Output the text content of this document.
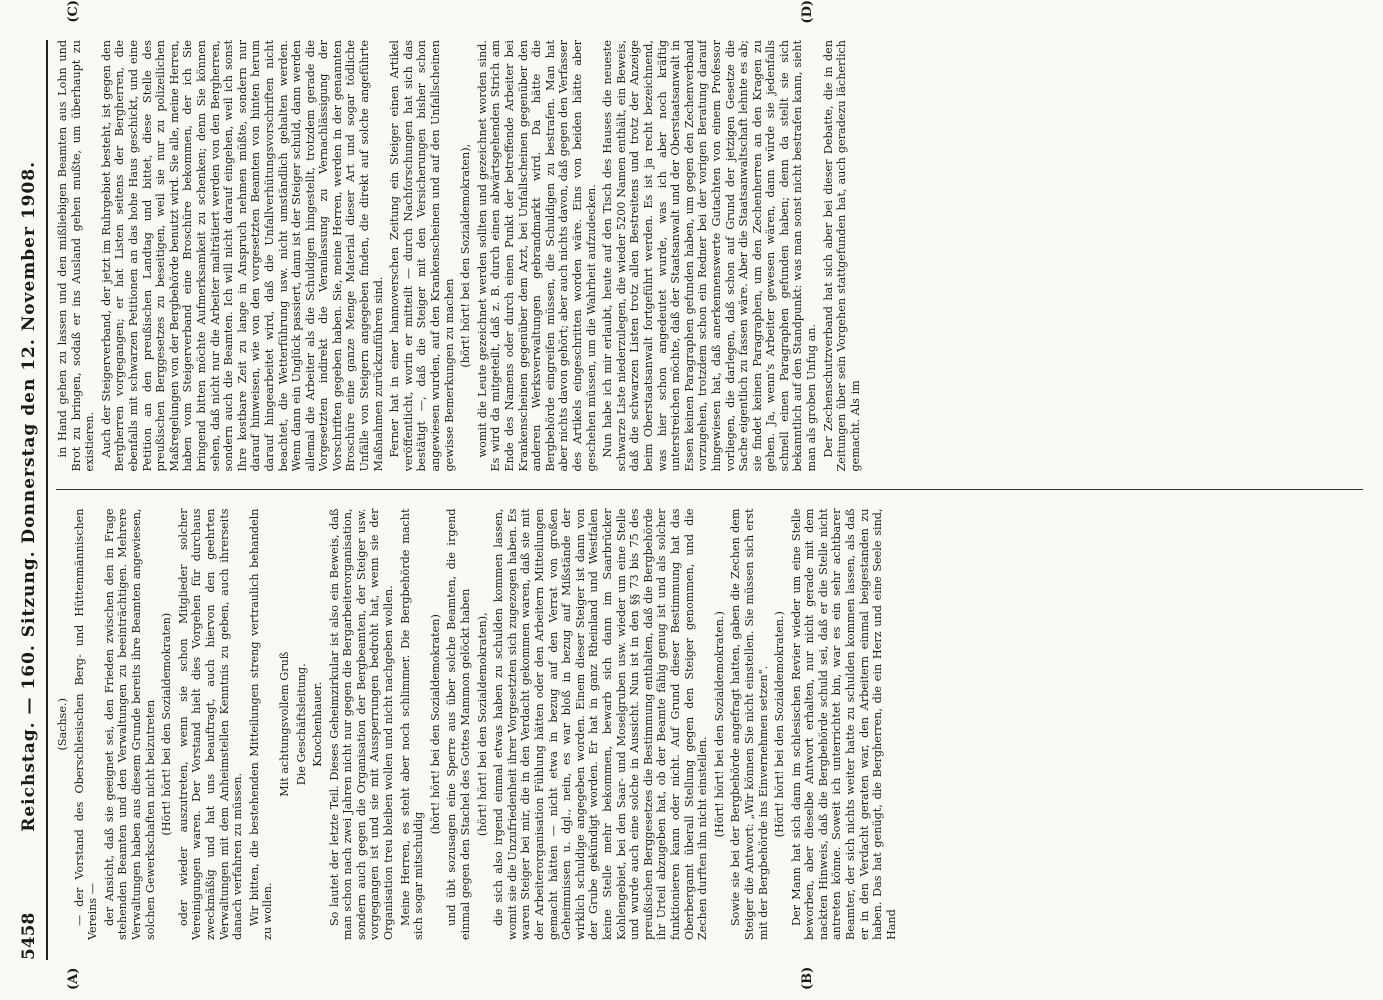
5458
Reichstag. — 160. Sitzung. Donnerstag den 12. November 1908.
(A)	(B)
(C)	(D)

(Sachse.) — der Vorstand des Oberschlesischen Berg- und Hüttenmännischen Vereins — der Ansicht, daß sie geeignet sei, den Frieden zwischen den in Frage stehenden Beamten und den Verwaltungen zu beeinträchtigen. Mehrere Verwaltungen haben aus diesem Grunde bereits ihre Beamten angewiesen, solchen Gewerkschaften nicht beizutreten (Hört! hört! bei den Sozialdemokraten) oder wieder auszutreten, wenn sie schon Mitglieder solcher Vereinigungen waren. Der Vorstand hielt dies Vorgehen für durchaus zweckmäßig und hat uns beauftragt, auch hiervon den geehrten Verwaltungen mit dem Anheimstellen Kenntnis zu geben, auch ihrerseits danach verfahren zu müssen. Wir bitten, die bestehenden Mitteilungen streng vertraulich behandeln zu wollen.

Mit achtungsvollem Gruß Die Geschäftsleitung. Knochenhauer. So lautet der letzte Teil. Dieses Geheimzirkular ist also ein Beweis, daß man schon nach zwei Jahren nicht nur gegen die Bergarbeiterorganisation, sondern auch gegen die Organisation der Bergbeamten, der Steiger usw. vorgegangen ist und sie mit Aussperrungen bedroht hat, wenn sie der Organisation treu bleiben wollen und nicht nachgeben wollen. Meine Herren, es steht aber noch schlimmer. Die Bergbehörde macht sich sogar mitschuldig

(hört! hört! bei den Sozialdemokraten) und übt sozusagen eine Sperre aus über solche Beamten, die irgend einmal gegen den Stachel des Gottes Mammon gelöckt haben (hört! hört! bei den Sozialdemokraten), die sich also irgend einmal etwas haben zu schulden kommen lassen, womit sie die Unzufriedenheit ihrer Vorgesetzten sich zugezogen haben. Es waren Steiger bei mir, die in den Verdacht gekommen waren, daß sie mit der Arbeiterorganisation Fühlung hätten oder den Arbeitern Mitteilungen gemacht hätten — nicht etwa in bezug auf den Verrat von großen Geheimnissen u. dgl., nein, es war bloß in bezug auf Mißstände der wirklich schuldige angegeben worden. Einem dieser Steiger ist dann von der Grube gekündigt worden. Er hat in ganz Rheinland und Westfalen keine Stelle mehr bekommen, bewarb sich dann im Saarbrücker Kohlengebiet, bei den Saar- und Moselgruben usw. wieder um eine Stelle und wurde auch eine solche in Aussicht. Nun ist in den §§ 73 bis 75 des preußischen Berggesetzes die Bestimmung enthalten, daß die Bergbehörde ihr Urteil abzugeben hat, ob der Beamte fähig genug ist und als solcher funktionieren kann oder nicht. Auf Grund dieser Bestimmung hat das Oberbergamt überall Stellung gegen den Steiger genommen, und die Zechen durften ihn nicht einstellen.

(Hört! hört! bei den Sozialdemokraten.) Sowie sie bei der Bergbehörde angefragt hatten, gaben die Zechen dem Steiger die Antwort: „Wir können Sie nicht einstellen. Sie müssen sich erst mit der Bergbehörde ins Einvernehmen setzen". (Hört! hört! bei den Sozialdemokraten.) Der Mann hat sich dann im schlesischen Revier wieder um eine Stelle beworben, aber dieselbe Antwort erhalten, nur nicht gerade mit dem nackten Hinweis, daß die Bergbehörde schuld sei, daß er die Stelle nicht antreten könne. Soweit ich unterrichtet bin, war es ein sehr achtbarer Beamter, der sich nichts weiter hatte zu schulden kommen lassen, als daß er in den Verdacht geraten war, den Arbeitern einmal beigestanden zu haben. Das hat genügt, die Bergherren, die ein Herz und eine Seele sind, Hand

in Hand gehen zu lassen und den mißliebigen Beamten aus Lohn und Brot zu bringen, sodaß er ins Ausland gehen mußte, um überhaupt zu existieren. Auch der Steigerverband, der jetzt im Ruhrgebiet besteht, ist gegen den Bergherren vorgegangen; er hat Listen seitens der Bergherren, die ebenfalls mit schwarzen Petitionen an das hohe Haus geschickt, und eine Petition an den preußischen Landtag und bittet, diese Stelle des preußischen Berggesetzes zu beseitigen, weil sie nur zu polizeilichen Maßregelungen von der Bergbehörde benutzt wird. Sie alle, meine Herren, haben vom Steigerverband eine Broschüre bekommen, der ich Sie bringend bitten möchte Aufmerksamkeit zu schenken; denn Sie können sehen, daß nicht nur die Arbeiter malträtiert werden von den Bergherren, sondern auch die Beamten. Ich will nicht darauf eingehen, weil ich sonst Ihre kostbare Zeit zu lange in Anspruch nehmen müßte, sondern nur darauf hinweisen, wie von den vorgesetzten Beamten von hinten herum darauf hingearbeitet wird, daß die Unfallverhütungsvorschriften nicht beachtet, die Wetterführung usw. nicht umständlich gehalten werden. Wenn dann ein Unglück passiert, dann ist der Steiger schuld, dann werden allemal die Arbeiter als die Schuldigen hingestellt, trotzdem gerade die Vorgesetzten indirekt die Veranlassung zu Vernachlässigung der Vorschriften gegeben haben. Sie, meine Herren, werden in der genannten Broschüre eine ganze Menge Material dieser Art und sogar tödliche Unfälle von Steigern angegeben finden, die direkt auf solche angeführte Maßnahmen zurückzuführen sind. Ferner hat in einer hannoverschen Zeitung ein Steiger einen Artikel veröffentlicht, worin er mitteilt — durch Nachforschungen hat sich das bestätigt —, daß die Steiger mit den Versicherungen bisher schon angewiesen wurden, auf den Krankenscheinen und auf den Unfallscheinen gewisse Bemerkungen zu machen

(hört! hört! bei den Sozialdemokraten), womit die Leute gezeichnet werden sollten und gezeichnet worden sind. Es wird da mitgeteilt, daß z. B. durch einen abwärtsgehenden Strich am Ende des Namens oder durch einen Punkt der betreffende Arbeiter bei Krankenscheinen gegenüber dem Arzt, bei Unfallscheinen gegenüber den anderen Werksverwaltungen gebrandmarkt wird. Da hätte die Bergbehörde eingreifen müssen, die Schuldigen zu bestrafen. Man hat aber nichts davon gehört; aber auch nichts davon, daß gegen den Verfasser des Artikels eingeschritten worden wäre. Eins von beiden hätte aber geschehen müssen, um die Wahrheit aufzudecken. Nun habe ich mir erlaubt, heute auf den Tisch des Hauses die neueste schwarze Liste niederzulegen, die wieder 5200 Namen enthält, ein Beweis, daß die schwarzen Listen trotz allen Bestreitens und trotz der Anzeige beim Oberstaatsanwalt fortgeführt werden. Es ist ja recht bezeichnend, was hier schon angedeutet wurde, was ich aber noch kräftig unterstreichen möchte, daß der Staatsanwalt und der Oberstaatsanwalt in Essen keinen Paragraphen gefunden haben, um gegen den Zechenverband vorzugehen, trotzdem schon ein Redner bei der vorigen Beratung darauf hingewiesen hat, daß anerkennenswerte Gutachten von einem Professor vorliegen, die darlegen, daß schon auf Grund der jetzigen Gesetze die Sache eigentlich zu fassen wäre. Aber die Staatsanwaltschaft lehnte es ab; sie findet keinen Paragraphen, um den Zechenherren an den Kragen zu gehen. Ja, wenn's Arbeiter gewesen wären, dann würde sie jedenfalls schnell einen Paragraphen gefunden haben; denn da stellt sie sich bekanntlich auf den Standpunkt: was man sonst nicht bestrafen kann, sieht man als groben Unfug an. Der Zechenschutzverband hat sich aber bei dieser Debatte, die in den Zeitungen über sein Vorgehen stattgefunden hat, auch geradezu lächerlich gemacht. Als im
